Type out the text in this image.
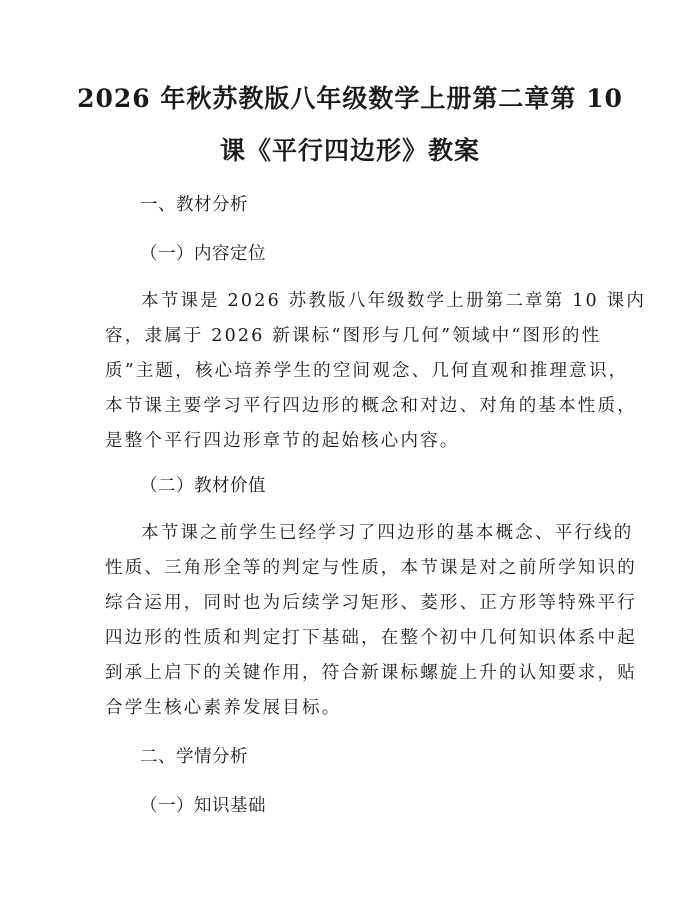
2026 年秋苏教版八年级数学上册第二章第 10
课《平行四边形》教案
一、教材分析
（一）内容定位
本节课是 2026 苏教版八年级数学上册第二章第 10 课内
容，隶属于 2026 新课标“图形与几何”领域中“图形的性
质”主题，核心培养学生的空间观念、几何直观和推理意识，
本节课主要学习平行四边形的概念和对边、对角的基本性质，
是整个平行四边形章节的起始核心内容。
（二）教材价值
本节课之前学生已经学习了四边形的基本概念、平行线的
性质、三角形全等的判定与性质，本节课是对之前所学知识的
综合运用，同时也为后续学习矩形、菱形、正方形等特殊平行
四边形的性质和判定打下基础，在整个初中几何知识体系中起
到承上启下的关键作用，符合新课标螺旋上升的认知要求，贴
合学生核心素养发展目标。
二、学情分析
（一）知识基础
